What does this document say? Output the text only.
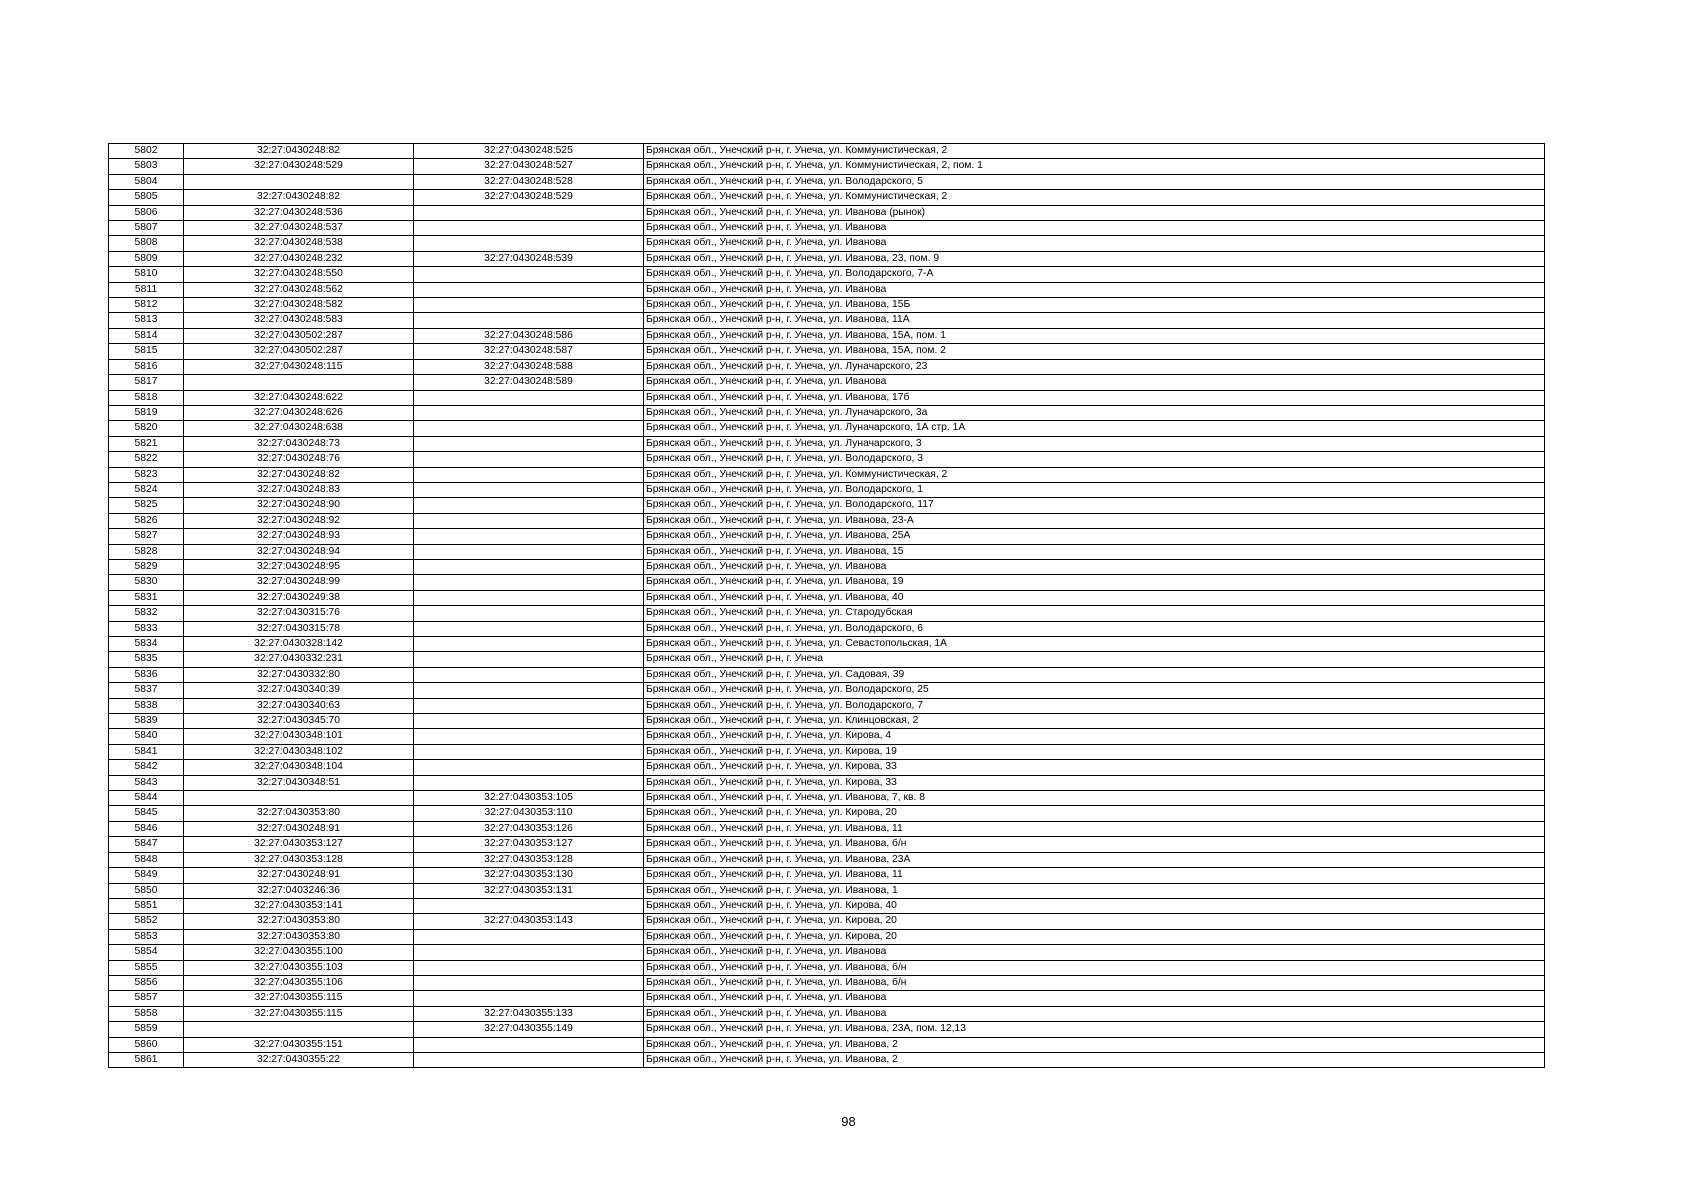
5802	32:27:0430248:82	32:27:0430248:525	Брянская обл., Унечский р-н, г. Унеча, ул. Коммунистическая, 2
5803	32:27:0430248:529	32:27:0430248:527	Брянская обл., Унечский р-н, г. Унеча, ул. Коммунистическая, 2, пом. 1
5804		32:27:0430248:528	Брянская обл., Унечский р-н, г. Унеча, ул. Володарского, 5
5805	32:27:0430248:82	32:27:0430248:529	Брянская обл., Унечский р-н, г. Унеча, ул. Коммунистическая, 2
5806	32:27:0430248:536		Брянская обл., Унечский р-н, г. Унеча, ул. Иванова (рынок)
5807	32:27:0430248:537		Брянская обл., Унечский р-н, г. Унеча, ул. Иванова
5808	32:27:0430248:538		Брянская обл., Унечский р-н, г. Унеча, ул. Иванова
5809	32:27:0430248:232	32:27:0430248:539	Брянская обл., Унечский р-н, г. Унеча, ул. Иванова, 23, пом. 9
5810	32:27:0430248:550		Брянская обл., Унечский р-н, г. Унеча, ул. Володарского, 7-А
5811	32:27:0430248:562		Брянская обл., Унечский р-н, г. Унеча, ул. Иванова
5812	32:27:0430248:582		Брянская обл., Унечский р-н, г. Унеча, ул. Иванова, 15Б
5813	32:27:0430248:583		Брянская обл., Унечский р-н, г. Унеча, ул. Иванова, 11А
5814	32:27:0430502:287	32:27:0430248:586	Брянская обл., Унечский р-н, г. Унеча, ул. Иванова, 15А, пом. 1
5815	32:27:0430502:287	32:27:0430248:587	Брянская обл., Унечский р-н, г. Унеча, ул. Иванова, 15А, пом. 2
5816	32:27:0430248:115	32:27:0430248:588	Брянская обл., Унечский р-н, г. Унеча, ул. Луначарского, 23
5817		32:27:0430248:589	Брянская обл., Унечский р-н, г. Унеча, ул. Иванова
5818	32:27:0430248:622		Брянская обл., Унечский р-н, г. Унеча, ул. Иванова, 17б
5819	32:27:0430248:626		Брянская обл., Унечский р-н, г. Унеча, ул. Луначарского, 3а
5820	32:27:0430248:638		Брянская обл., Унечский р-н, г. Унеча, ул. Луначарского, 1А стр. 1А
5821	32:27:0430248:73		Брянская обл., Унечский р-н, г. Унеча, ул. Луначарского, 3
5822	32:27:0430248:76		Брянская обл., Унечский р-н, г. Унеча, ул. Володарского, 3
5823	32:27:0430248:82		Брянская обл., Унечский р-н, г. Унеча, ул. Коммунистическая, 2
5824	32:27:0430248:83		Брянская обл., Унечский р-н, г. Унеча, ул. Володарского, 1
5825	32:27:0430248:90		Брянская обл., Унечский р-н, г. Унеча, ул. Володарского, 117
5826	32:27:0430248:92		Брянская обл., Унечский р-н, г. Унеча, ул. Иванова, 23-А
5827	32:27:0430248:93		Брянская обл., Унечский р-н, г. Унеча, ул. Иванова, 25А
5828	32:27:0430248:94		Брянская обл., Унечский р-н, г. Унеча, ул. Иванова, 15
5829	32:27:0430248:95		Брянская обл., Унечский р-н, г. Унеча, ул. Иванова
5830	32:27:0430248:99		Брянская обл., Унечский р-н, г. Унеча, ул. Иванова, 19
5831	32:27:0430249:38		Брянская обл., Унечский р-н, г. Унеча, ул. Иванова, 40
5832	32:27:0430315:76		Брянская обл., Унечский р-н, г. Унеча, ул. Стародубская
5833	32:27:0430315:78		Брянская обл., Унечский р-н, г. Унеча, ул. Володарского, 6
5834	32:27:0430328:142		Брянская обл., Унечский р-н, г. Унеча, ул. Севастопольская, 1А
5835	32:27:0430332:231		Брянская обл., Унечский р-н, г. Унеча
5836	32:27:0430332:80		Брянская обл., Унечский р-н, г. Унеча, ул. Садовая, 39
5837	32:27:0430340:39		Брянская обл., Унечский р-н, г. Унеча, ул. Володарского, 25
5838	32:27:0430340:63		Брянская обл., Унечский р-н, г. Унеча, ул. Володарского, 7
5839	32:27:0430345:70		Брянская обл., Унечский р-н, г. Унеча, ул. Клинцовская, 2
5840	32:27:0430348:101		Брянская обл., Унечский р-н, г. Унеча, ул. Кирова, 4
5841	32:27:0430348:102		Брянская обл., Унечский р-н, г. Унеча, ул. Кирова, 19
5842	32:27:0430348:104		Брянская обл., Унечский р-н, г. Унеча, ул. Кирова, 33
5843	32:27:0430348:51		Брянская обл., Унечский р-н, г. Унеча, ул. Кирова, 33
5844		32:27:0430353:105	Брянская обл., Унечский р-н, г. Унеча, ул. Иванова, 7, кв. 8
5845	32:27:0430353:80	32:27:0430353:110	Брянская обл., Унечский р-н, г. Унеча, ул. Кирова, 20
5846	32:27:0430248:91	32:27:0430353:126	Брянская обл., Унечский р-н, г. Унеча, ул. Иванова, 11
5847	32:27:0430353:127	32:27:0430353:127	Брянская обл., Унечский р-н, г. Унеча, ул. Иванова, б/н
5848	32:27:0430353:128	32:27:0430353:128	Брянская обл., Унечский р-н, г. Унеча, ул. Иванова, 23А
5849	32:27:0430248:91	32:27:0430353:130	Брянская обл., Унечский р-н, г. Унеча, ул. Иванова, 11
5850	32:27:0403246:36	32:27:0430353:131	Брянская обл., Унечский р-н, г. Унеча, ул. Иванова, 1
5851	32:27:0430353:141		Брянская обл., Унечский р-н, г. Унеча, ул. Кирова, 40
5852	32:27:0430353:80	32:27:0430353:143	Брянская обл., Унечский р-н, г. Унеча, ул. Кирова, 20
5853	32:27:0430353:80		Брянская обл., Унечский р-н, г. Унеча, ул. Кирова, 20
5854	32:27:0430355:100		Брянская обл., Унечский р-н, г. Унеча, ул. Иванова
5855	32:27:0430355:103		Брянская обл., Унечский р-н, г. Унеча, ул. Иванова, б/н
5856	32:27:0430355:106		Брянская обл., Унечский р-н, г. Унеча, ул. Иванова, б/н
5857	32:27:0430355:115		Брянская обл., Унечский р-н, г. Унеча, ул. Иванова
5858	32:27:0430355:115	32:27:0430355:133	Брянская обл., Унечский р-н, г. Унеча, ул. Иванова
5859		32:27:0430355:149	Брянская обл., Унечский р-н, г. Унеча, ул. Иванова, 23А, пом. 12,13
5860	32:27:0430355:151		Брянская обл., Унечский р-н, г. Унеча, ул. Иванова, 2
5861	32:27:0430355:22		Брянская обл., Унечский р-н, г. Унеча, ул. Иванова, 2
98
